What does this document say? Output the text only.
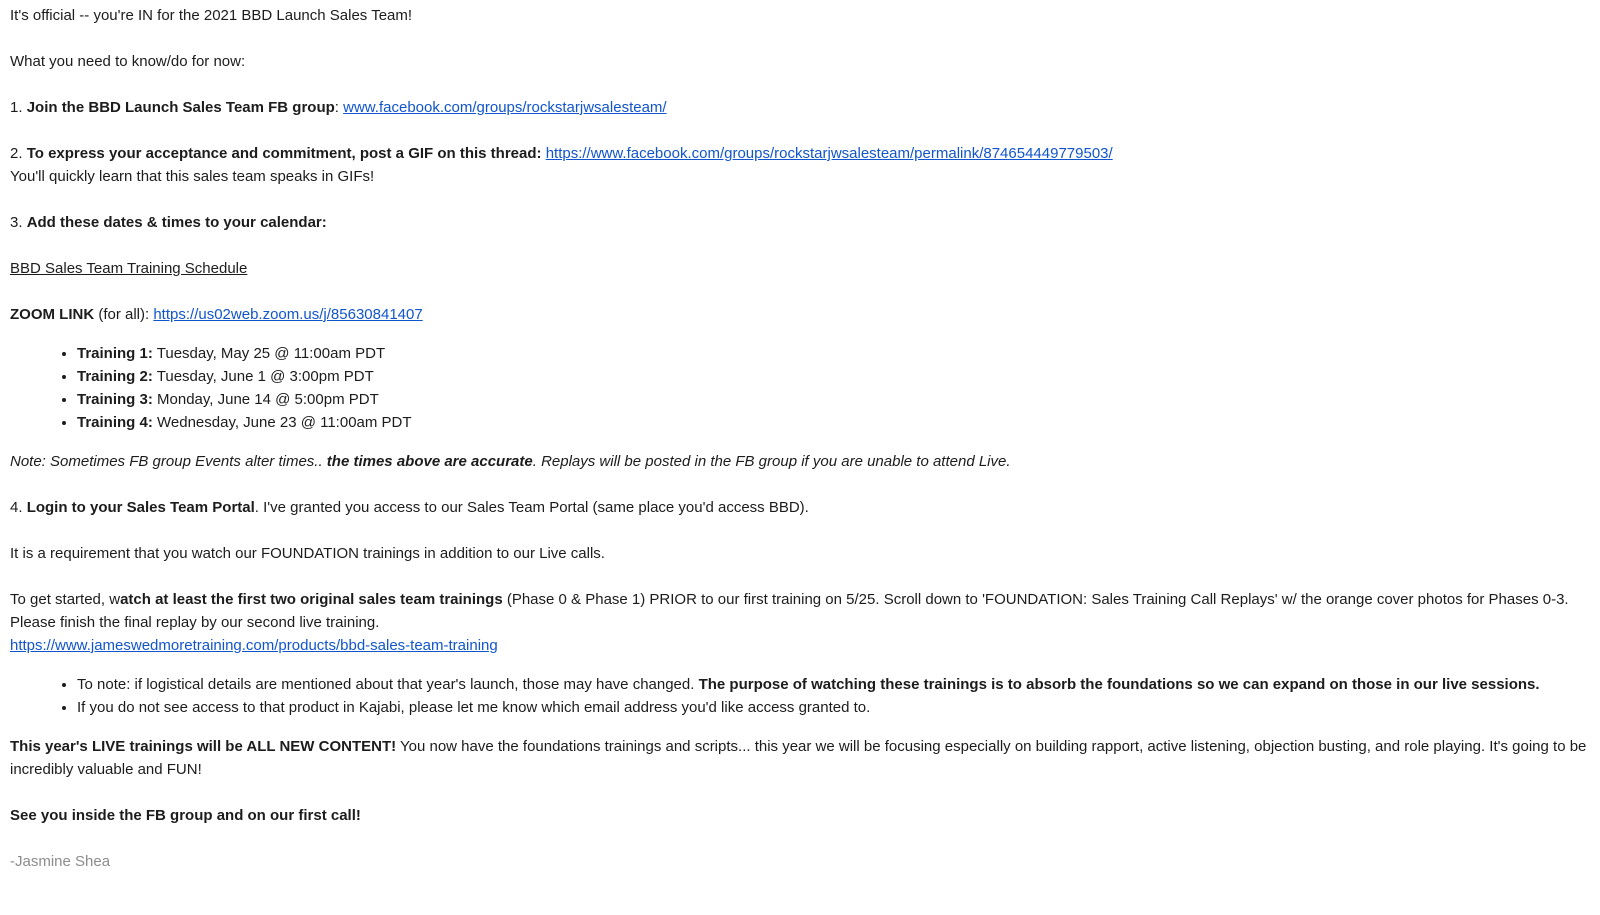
It's official -- you're IN for the 2021 BBD Launch Sales Team!
What you need to know/do for now:
1. Join the BBD Launch Sales Team FB group: www.facebook.com/groups/rockstarjwsalesteam/
2. To express your acceptance and commitment, post a GIF on this thread: https://www.facebook.com/groups/rockstarjwsalesteam/permalink/874654449779503/
You'll quickly learn that this sales team speaks in GIFs!
3. Add these dates & times to your calendar:
BBD Sales Team Training Schedule
ZOOM LINK (for all): https://us02web.zoom.us/j/85630841407
• Training 1: Tuesday, May 25 @ 11:00am PDT
• Training 2: Tuesday, June 1 @ 3:00pm PDT
• Training 3: Monday, June 14 @ 5:00pm PDT
• Training 4: Wednesday, June 23 @ 11:00am PDT
Note: Sometimes FB group Events alter times.. the times above are accurate. Replays will be posted in the FB group if you are unable to attend Live.
4. Login to your Sales Team Portal. I've granted you access to our Sales Team Portal (same place you'd access BBD).
It is a requirement that you watch our FOUNDATION trainings in addition to our Live calls.
To get started, watch at least the first two original sales team trainings (Phase 0 & Phase 1) PRIOR to our first training on 5/25. Scroll down to 'FOUNDATION: Sales Training Call Replays' w/ the orange cover photos for Phases 0-3. Please finish the final replay by our second live training.
https://www.jameswedmoretraining.com/products/bbd-sales-team-training
• To note: if logistical details are mentioned about that year's launch, those may have changed. The purpose of watching these trainings is to absorb the foundations so we can expand on those in our live sessions.
• If you do not see access to that product in Kajabi, please let me know which email address you'd like access granted to.
This year's LIVE trainings will be ALL NEW CONTENT! You now have the foundations trainings and scripts... this year we will be focusing especially on building rapport, active listening, objection busting, and role playing. It's going to be incredibly valuable and FUN!
See you inside the FB group and on our first call!
-Jasmine Shea
